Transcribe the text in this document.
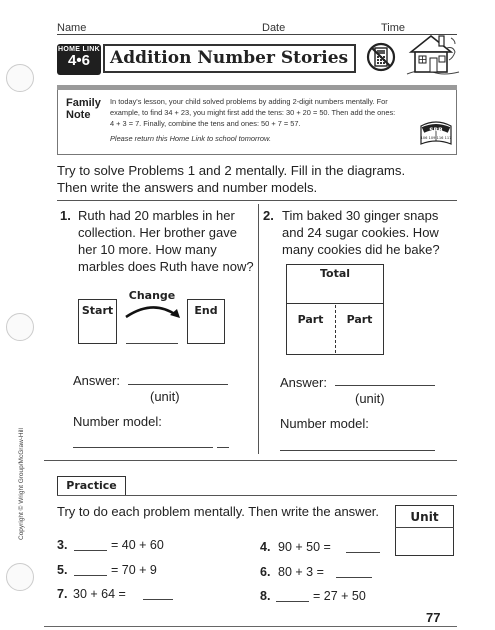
Copyright © Wright Group/McGraw-Hill
Name	Date	Time
HOME LINK
4•6	Addition Number Stories
Family
Note
In today's lesson, your child solved problems by adding 2-digit numbers mentally. For
example, to find 34 + 23, you might first add the tens: 30 + 20 = 50. Then add the ones:
4 + 3 = 7. Finally, combine the tens and ones: 50 + 7 = 57.
Please return this Home Link to school tomorrow.
SRB
106 109 116 117
Try to solve Problems 1 and 2 mentally. Fill in the diagrams.
Then write the answers and number models.
1. Ruth had 20 marbles in her
collection. Her brother gave
her 10 more. How many
marbles does Ruth have now?
Change
Start	End
Answer:
(unit)
Number model:
2. Tim baked 30 ginger snaps
and 24 sugar cookies. How
many cookies did he bake?
Total
Part	Part
Answer:
(unit)
Number model:
Practice
Try to do each problem mentally. Then write the answer.	Unit
3.	= 40 + 60	4. 90 + 50 =
5.	= 70 + 9	6. 80 + 3 =
7. 30 + 64 =	8.	= 27 + 50
77
